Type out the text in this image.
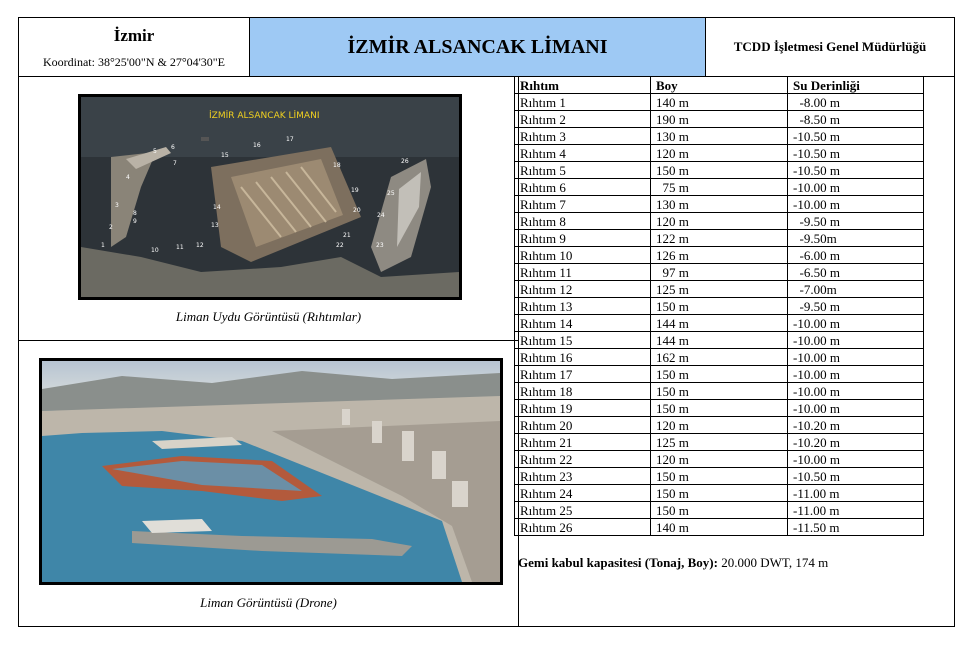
İzmir
Koordinat: 38°25'00"N & 27°04'30"E
İZMİR ALSANCAK LİMANI	TCDD İşletmesi Genel Müdürlüğü
İZMİR ALSANCAK LİMANI
1
2
3
4
5
6
7
8
9
10	11 12
13
14
15
16
17
18
19
20
21
22	23
24
25
26
Liman Uydu Görüntüsü (Rıhtımlar)
Liman Görüntüsü (Drone)
Rıhtım	Boy	Su Derinliği
Rıhtım 1	140 m	-8.00 m
Rıhtım 2	190 m	-8.50 m
Rıhtım 3	130 m	-10.50 m
Rıhtım 4	120 m	-10.50 m
Rıhtım 5	150 m	-10.50 m
Rıhtım 6	75 m	-10.00 m
Rıhtım 7	130 m	-10.00 m
Rıhtım 8	120 m	-9.50 m
Rıhtım 9	122 m	-9.50m
Rıhtım 10	126 m	-6.00 m
Rıhtım 11	97 m	-6.50 m
Rıhtım 12	125 m	-7.00m
Rıhtım 13	150 m	-9.50 m
Rıhtım 14	144 m	-10.00 m
Rıhtım 15	144 m	-10.00 m
Rıhtım 16	162 m	-10.00 m
Rıhtım 17	150 m	-10.00 m
Rıhtım 18	150 m	-10.00 m
Rıhtım 19	150 m	-10.00 m
Rıhtım 20	120 m	-10.20 m
Rıhtım 21	125 m	-10.20 m
Rıhtım 22	120 m	-10.00 m
Rıhtım 23	150 m	-10.50 m
Rıhtım 24	150 m	-11.00 m
Rıhtım 25	150 m	-11.00 m
Rıhtım 26	140 m	-11.50 m
Gemi kabul kapasitesi (Tonaj, Boy): 20.000 DWT, 174 m
